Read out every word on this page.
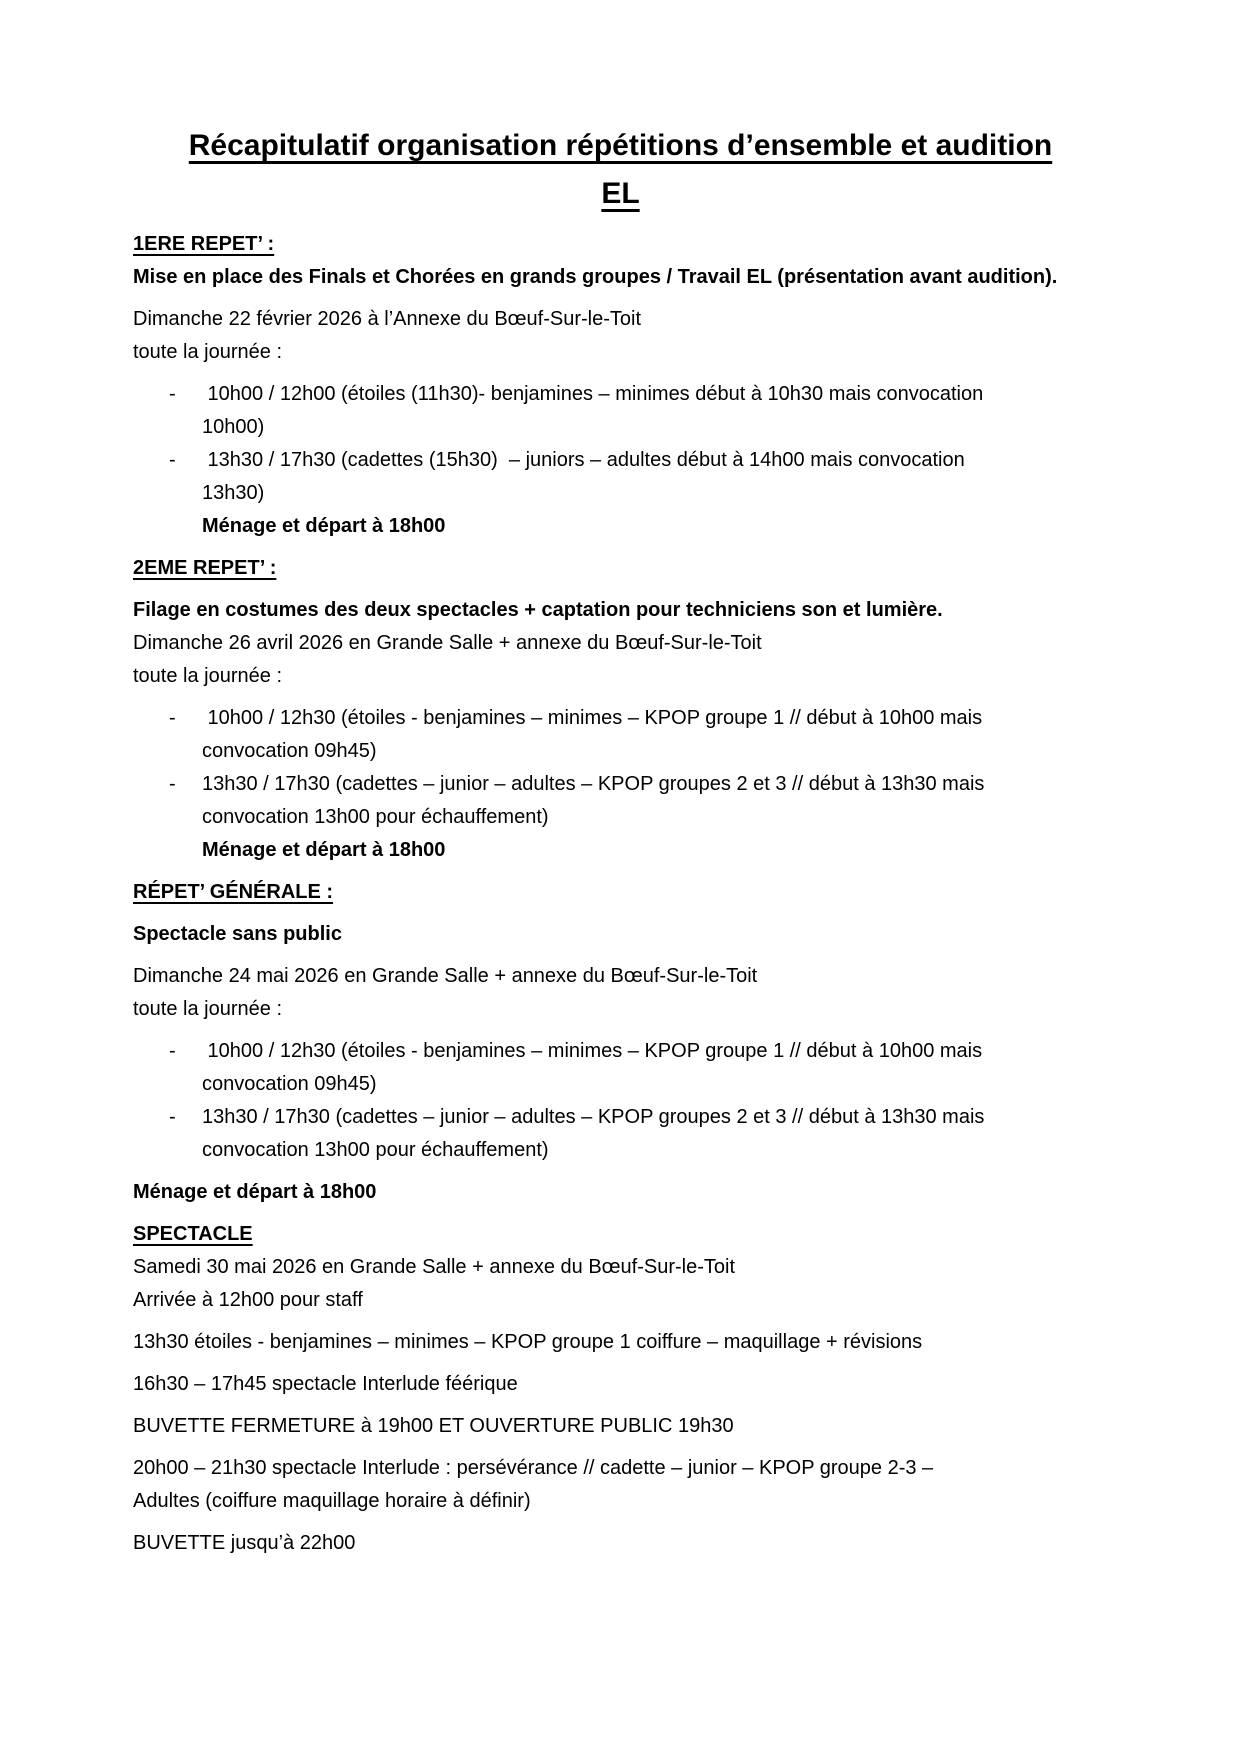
Récapitulatif organisation répétitions d’ensemble et audition
EL
1ERE REPET’ :
Mise en place des Finals et Chorées en grands groupes / Travail EL (présentation avant audition).
Dimanche 22 février 2026 à l’Annexe du Bœuf-Sur-le-Toit
toute la journée :
- 10h00 / 12h00 (étoiles (11h30)- benjamines – minimes début à 10h30 mais convocation
10h00)
- 13h30 / 17h30 (cadettes (15h30)  – juniors – adultes début à 14h00 mais convocation
13h30)
Ménage et départ à 18h00
2EME REPET’ :
Filage en costumes des deux spectacles + captation pour techniciens son et lumière.
Dimanche 26 avril 2026 en Grande Salle + annexe du Bœuf-Sur-le-Toit
toute la journée :
- 10h00 / 12h30 (étoiles - benjamines – minimes – KPOP groupe 1 // début à 10h00 mais
convocation 09h45)
- 13h30 / 17h30 (cadettes – junior – adultes – KPOP groupes 2 et 3 // début à 13h30 mais
convocation 13h00 pour échauffement)
Ménage et départ à 18h00
RÉPET’ GÉNÉRALE :
Spectacle sans public
Dimanche 24 mai 2026 en Grande Salle + annexe du Bœuf-Sur-le-Toit
toute la journée :
- 10h00 / 12h30 (étoiles - benjamines – minimes – KPOP groupe 1 // début à 10h00 mais
convocation 09h45)
- 13h30 / 17h30 (cadettes – junior – adultes – KPOP groupes 2 et 3 // début à 13h30 mais
convocation 13h00 pour échauffement)
Ménage et départ à 18h00
SPECTACLE
Samedi 30 mai 2026 en Grande Salle + annexe du Bœuf-Sur-le-Toit
Arrivée à 12h00 pour staff
13h30 étoiles - benjamines – minimes – KPOP groupe 1 coiffure – maquillage + révisions
16h30 – 17h45 spectacle Interlude féérique
BUVETTE FERMETURE à 19h00 ET OUVERTURE PUBLIC 19h30
20h00 – 21h30 spectacle Interlude : persévérance // cadette – junior – KPOP groupe 2-3 –
Adultes (coiffure maquillage horaire à définir)
BUVETTE jusqu’à 22h00
